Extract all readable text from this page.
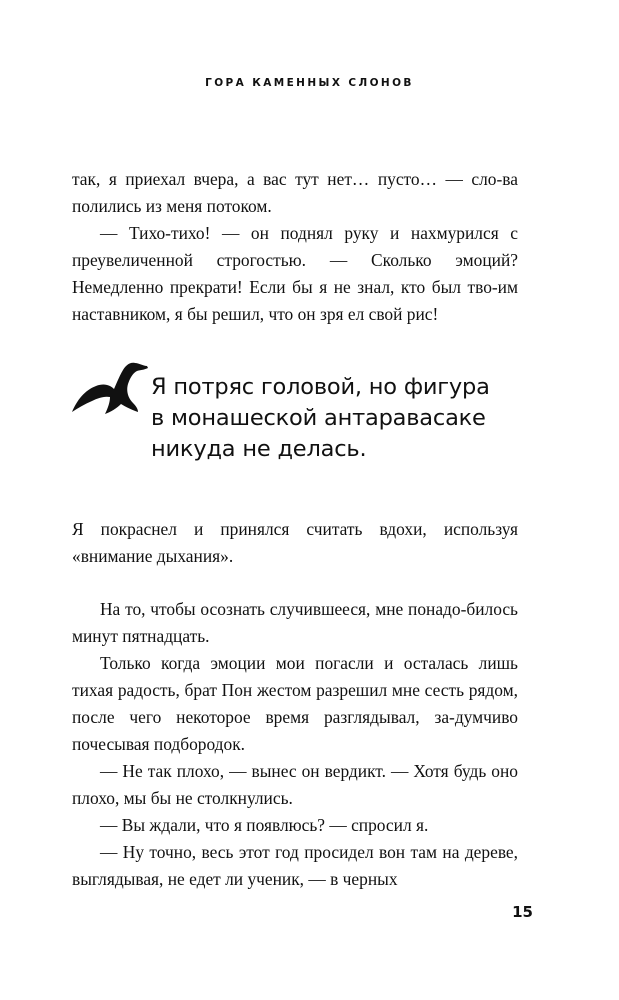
ГОРА КАМЕННЫХ СЛОНОВ

так, я приехал вчера, а вас тут нет… пусто… — сло-ва полились из меня потоком.

— Тихо-тихо! — он поднял руку и нахмурился с преувеличенной строгостью. — Сколько эмоций? Немедленно прекрати! Если бы я не знал, кто был тво-им наставником, я бы решил, что он зря ел свой рис!

Я потряс головой, но фигура
в монашеской антаравасаке
никуда не делась.

Я покраснел и принялся считать вдохи, используя «внимание дыхания».

На то, чтобы осознать случившееся, мне понадо-билось минут пятнадцать.

Только когда эмоции мои погасли и осталась лишь тихая радость, брат Пон жестом разрешил мне сесть рядом, после чего некоторое время разглядывал, за-думчиво почесывая подбородок.

— Не так плохо, — вынес он вердикт. — Хотя будь оно плохо, мы бы не столкнулись.

— Вы ждали, что я появлюсь? — спросил я.

— Ну точно, весь этот год просидел вон там на дереве, выглядывая, не едет ли ученик, — в черных

15
